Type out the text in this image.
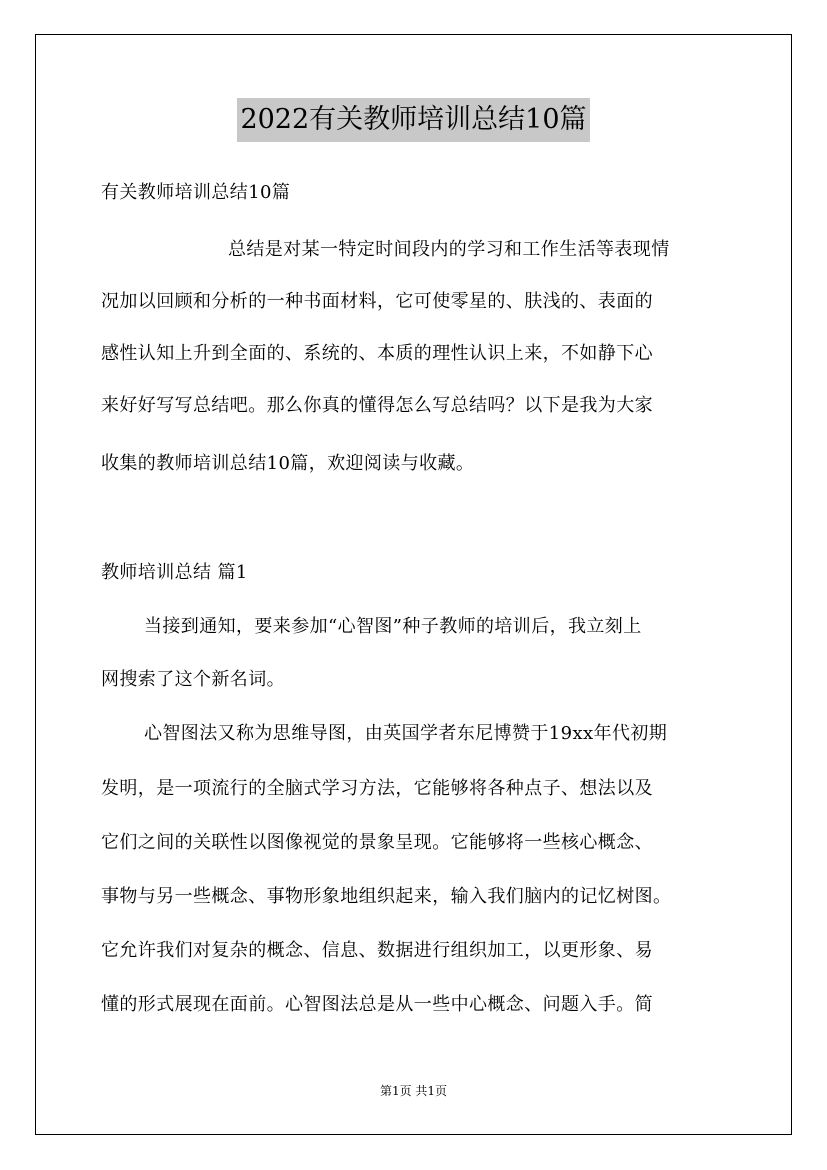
2022有关教师培训总结10篇
有关教师培训总结10篇
总结是对某一特定时间段内的学习和工作生活等表现情
况加以回顾和分析的一种书面材料，它可使零星的、肤浅的、表面的
感性认知上升到全面的、系统的、本质的理性认识上来，不如静下心
来好好写写总结吧。那么你真的懂得怎么写总结吗？以下是我为大家
收集的教师培训总结10篇，欢迎阅读与收藏。
教师培训总结 篇1
当接到通知，要来参加“心智图”种子教师的培训后，我立刻上
网搜索了这个新名词。
心智图法又称为思维导图，由英国学者东尼博赞于19xx年代初期
发明，是一项流行的全脑式学习方法，它能够将各种点子、想法以及
它们之间的关联性以图像视觉的景象呈现。它能够将一些核心概念、
事物与另一些概念、事物形象地组织起来，输入我们脑内的记忆树图。
它允许我们对复杂的概念、信息、数据进行组织加工，以更形象、易
懂的形式展现在面前。心智图法总是从一些中心概念、问题入手。简
第1页 共1页
